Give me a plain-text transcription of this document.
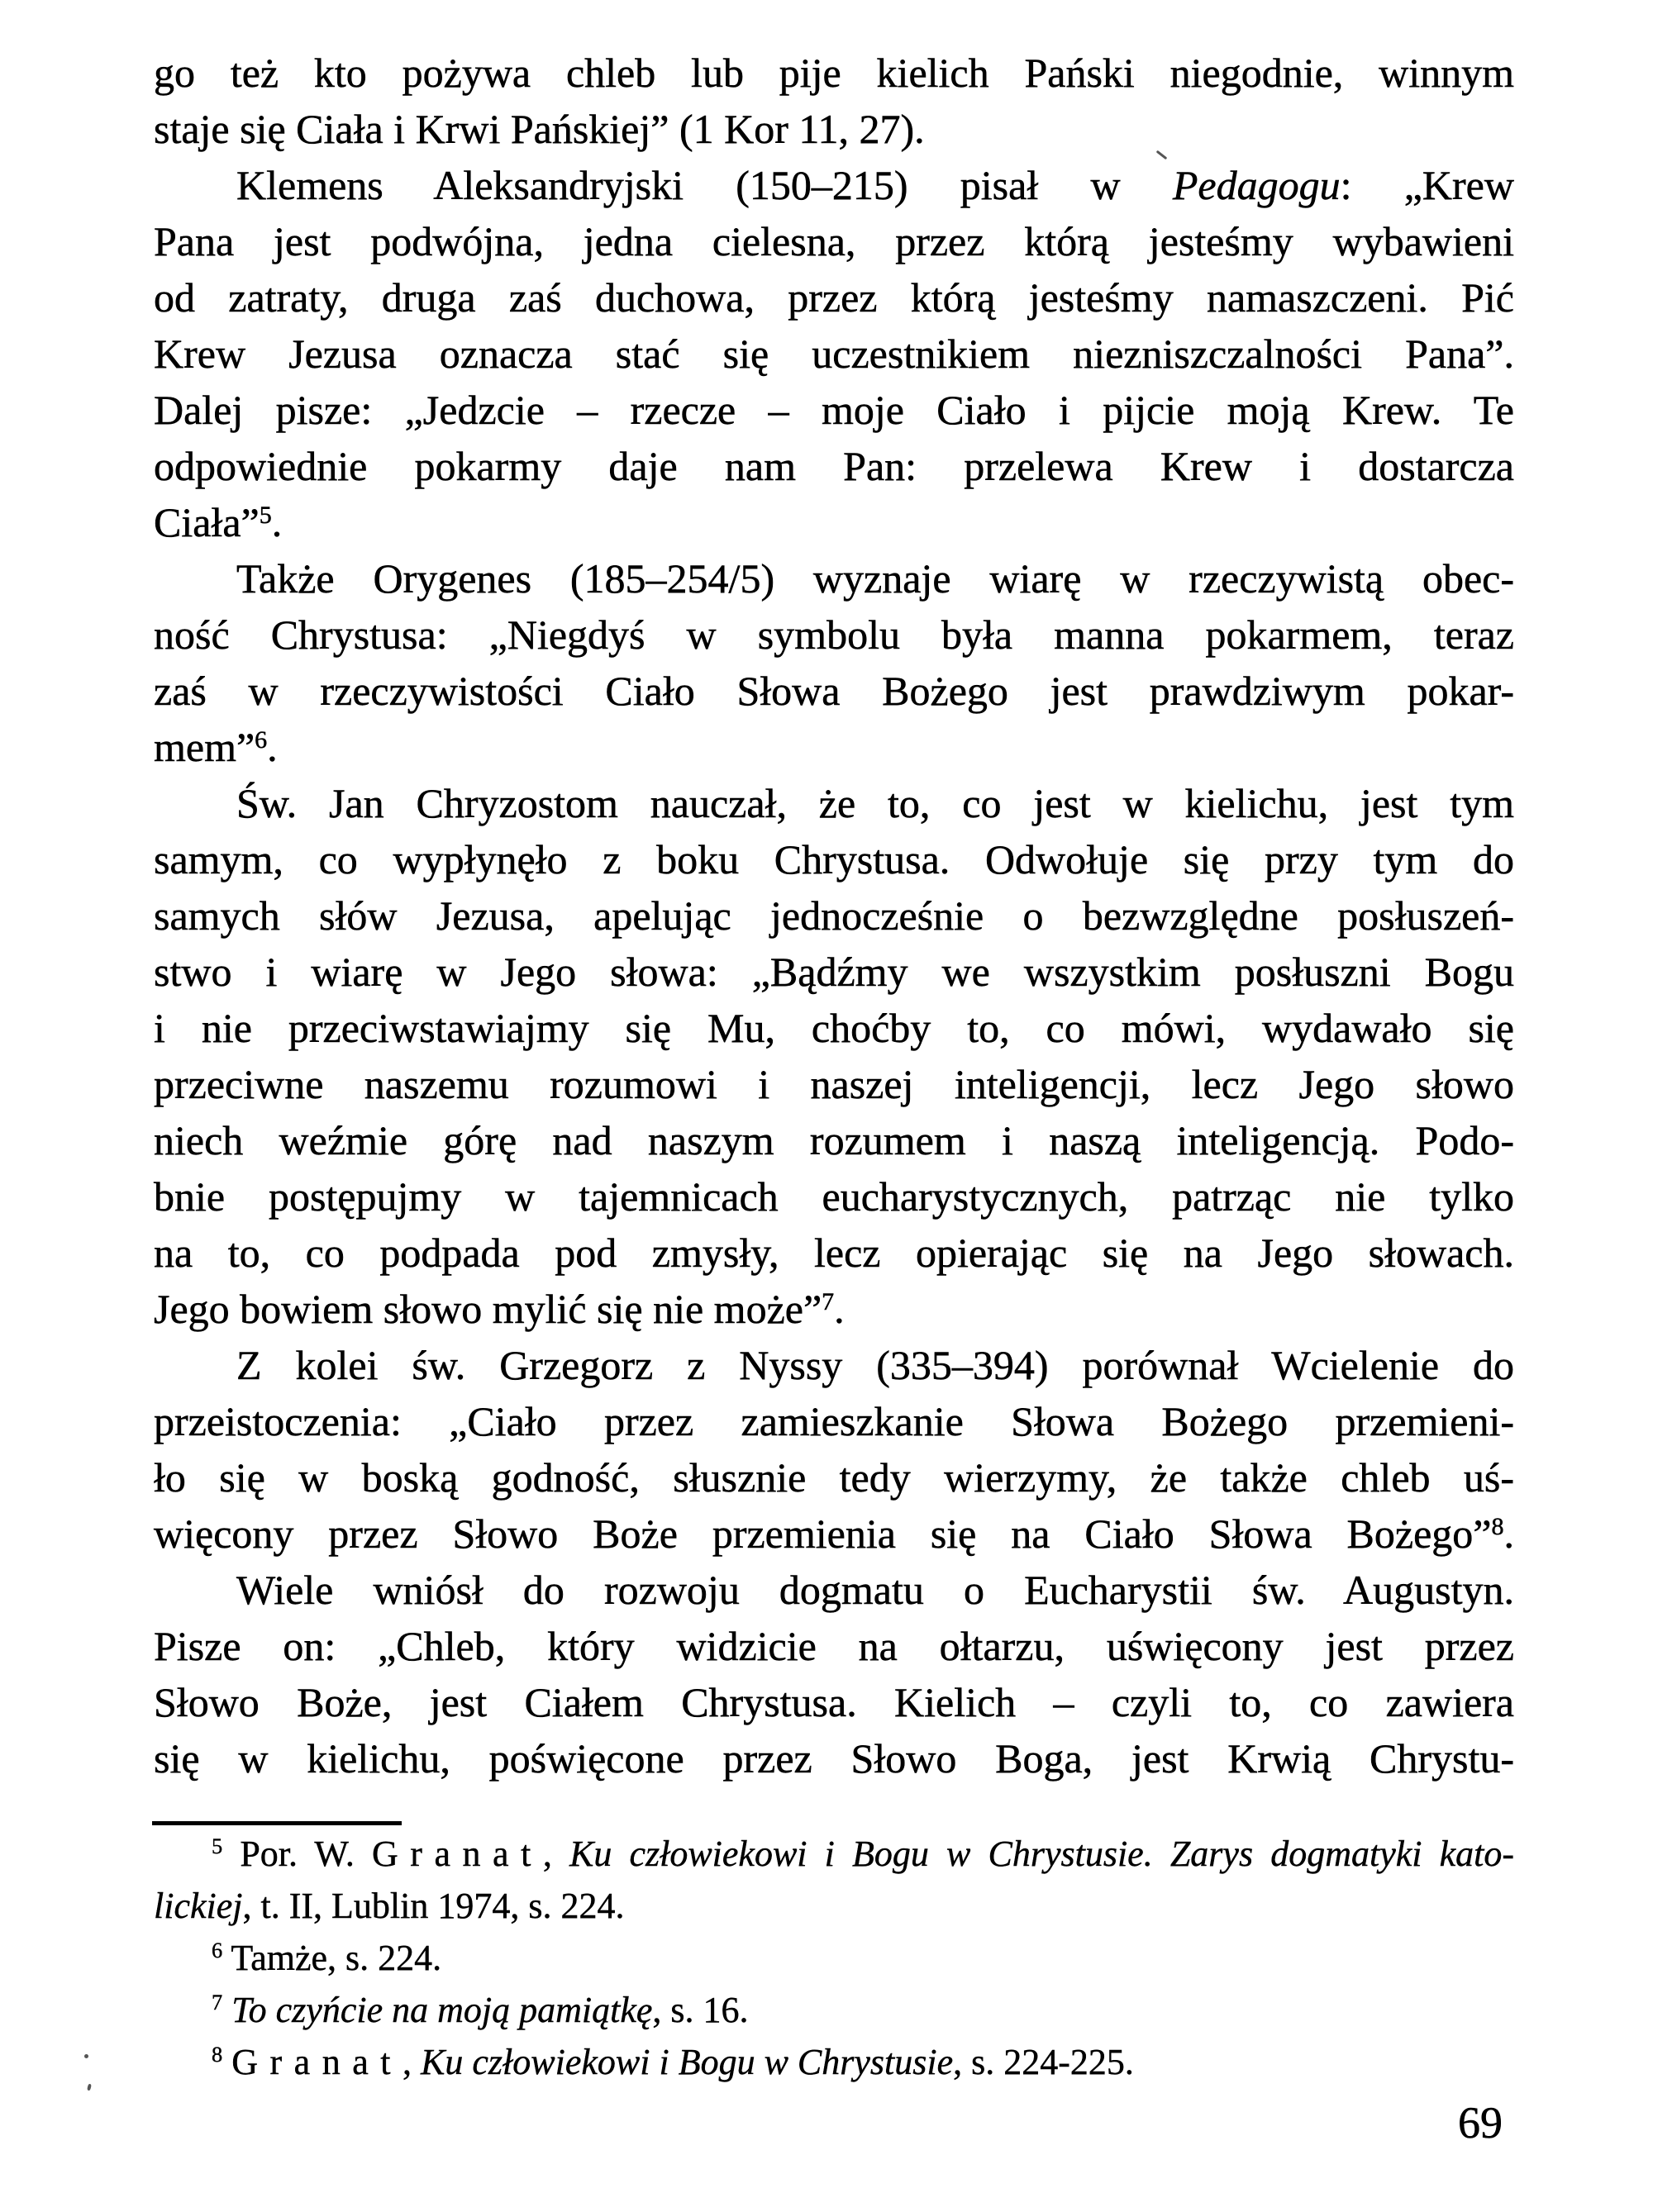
go też kto pożywa chleb lub pije kielich Pański niegodnie, winnym
staje się Ciała i Krwi Pańskiej” (1 Kor 11, 27).
Klemens Aleksandryjski (150–215) pisał w Pedagogu: „Krew
Pana jest podwójna, jedna cielesna, przez którą jesteśmy wybawieni
od zatraty, druga zaś duchowa, przez którą jesteśmy namaszczeni. Pić
Krew Jezusa oznacza stać się uczestnikiem niezniszczalności Pana”.
Dalej pisze: „Jedzcie – rzecze – moje Ciało i pijcie moją Krew. Te
odpowiednie pokarmy daje nam Pan: przelewa Krew i dostarcza
Ciała”$^5$.
Także Orygenes (185–254/5) wyznaje wiarę w rzeczywistą obec-
ność Chrystusa: „Niegdyś w symbolu była manna pokarmem, teraz
zaś w rzeczywistości Ciało Słowa Bożego jest prawdziwym pokar-
mem”$^6$.
Św. Jan Chryzostom nauczał, że to, co jest w kielichu, jest tym
samym, co wypłynęło z boku Chrystusa. Odwołuje się przy tym do
samych słów Jezusa, apelując jednocześnie o bezwzględne posłuszeń-
stwo i wiarę w Jego słowa: „Bądźmy we wszystkim posłuszni Bogu
i nie przeciwstawiajmy się Mu, choćby to, co mówi, wydawało się
przeciwne naszemu rozumowi i naszej inteligencji, lecz Jego słowo
niech weźmie górę nad naszym rozumem i naszą inteligencją. Podo-
bnie postępujmy w tajemnicach eucharystycznych, patrząc nie tylko
na to, co podpada pod zmysły, lecz opierając się na Jego słowach.
Jego bowiem słowo mylić się nie może”$^7$.
Z kolei św. Grzegorz z Nyssy (335–394) porównał Wcielenie do
przeistoczenia: „Ciało przez zamieszkanie Słowa Bożego przemieni-
ło się w boską godność, słusznie tedy wierzymy, że także chleb uś-
więcony przez Słowo Boże przemienia się na Ciało Słowa Bożego”$^8$.
Wiele wniósł do rozwoju dogmatu o Eucharystii św. Augustyn.
Pisze on: „Chleb, który widzicie na ołtarzu, uświęcony jest przez
Słowo Boże, jest Ciałem Chrystusa. Kielich – czyli to, co zawiera
się w kielichu, poświęcone przez Słowo Boga, jest Krwią Chrystu-
$^5$ Por. W. Granat, Ku człowiekowi i Bogu w Chrystusie. Zarys dogmatyki kato-
lickiej, t. II, Lublin 1974, s. 224.
$^6$ Tamże, s. 224.
$^7$ To czyńcie na moją pamiątkę, s. 16.
$^8$ Granat, Ku człowiekowi i Bogu w Chrystusie, s. 224-225.
69
